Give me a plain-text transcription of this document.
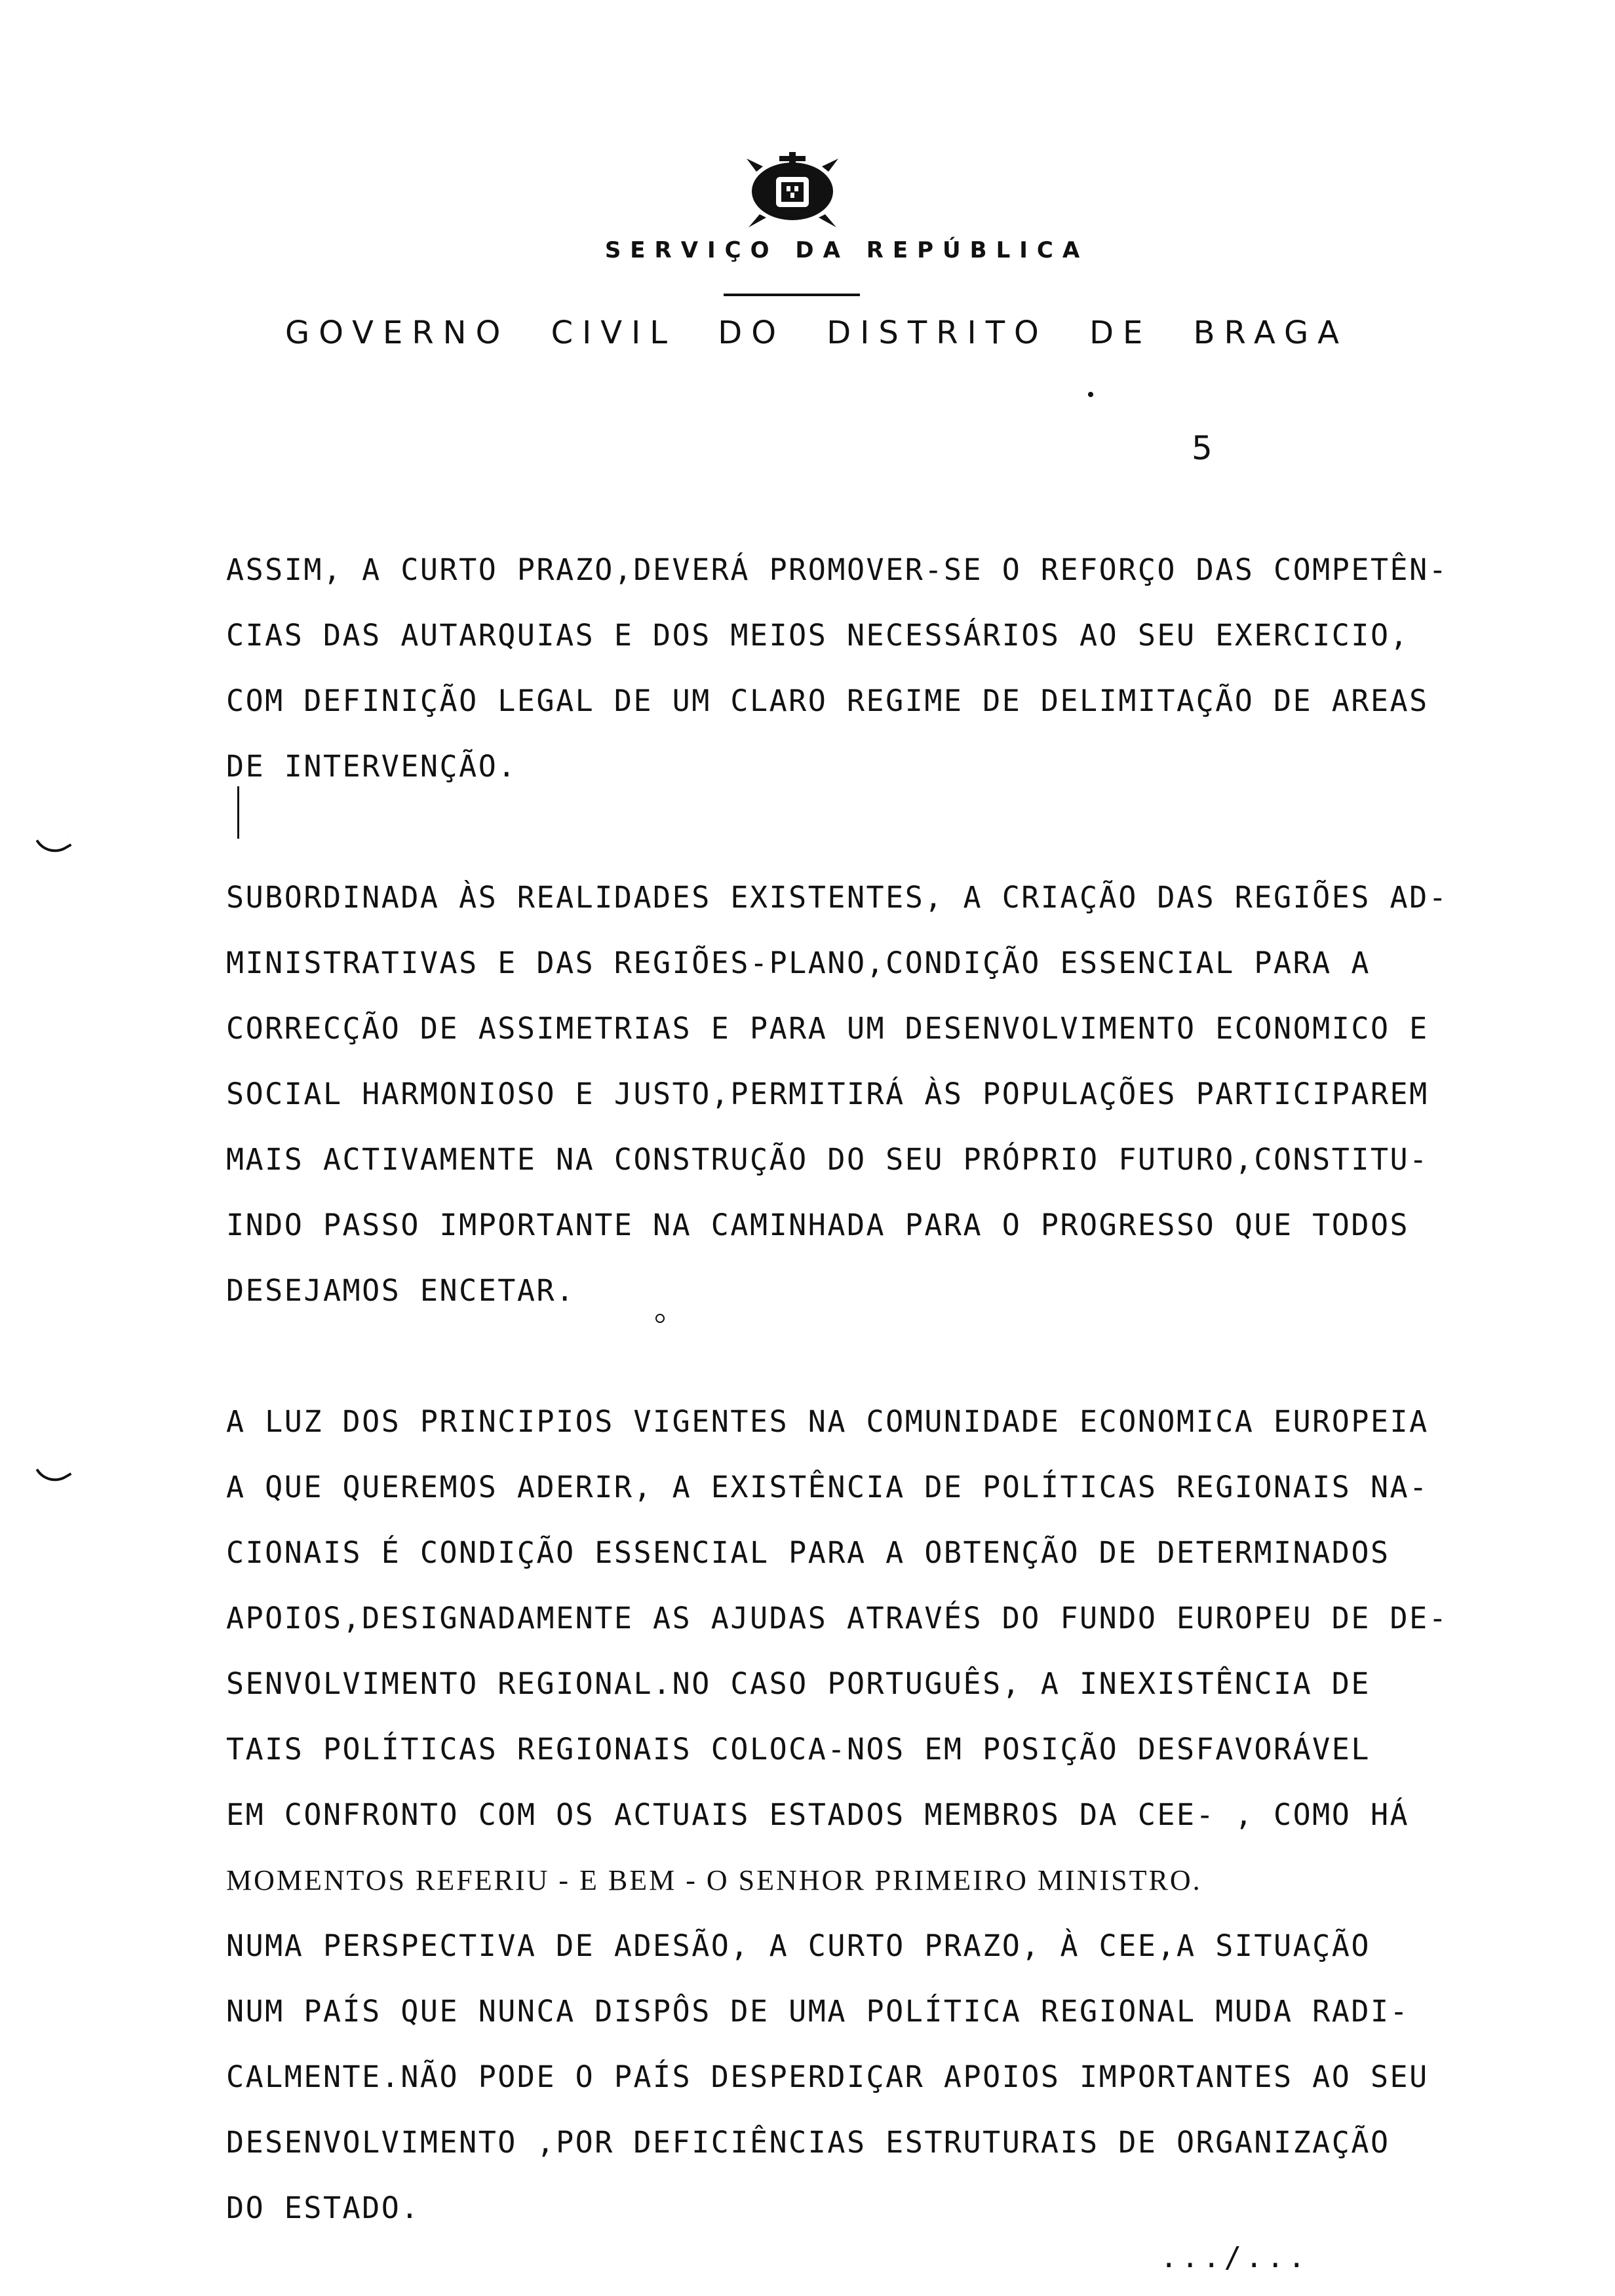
SERVIÇO DA REPÚBLICA
GOVERNO CIVIL DO DISTRITO DE BRAGA
5
ASSIM, A CURTO PRAZO,DEVERÁ PROMOVER-SE O REFORÇO DAS COMPETÊN-
CIAS DAS AUTARQUIAS E DOS MEIOS NECESSÁRIOS AO SEU EXERCICIO,
COM DEFINIÇÃO LEGAL DE UM CLARO REGIME DE DELIMITAÇÃO DE AREAS
DE INTERVENÇÃO.
SUBORDINADA ÀS REALIDADES EXISTENTES, A CRIAÇÃO DAS REGIÕES AD-
MINISTRATIVAS E DAS REGIÕES-PLANO,CONDIÇÃO ESSENCIAL PARA A
CORRECÇÃO DE ASSIMETRIAS E PARA UM DESENVOLVIMENTO ECONOMICO E
SOCIAL HARMONIOSO E JUSTO,PERMITIRÁ ÀS POPULAÇÕES PARTICIPAREM
MAIS ACTIVAMENTE NA CONSTRUÇÃO DO SEU PRÓPRIO FUTURO,CONSTITU-
INDO PASSO IMPORTANTE NA CAMINHADA PARA O PROGRESSO QUE TODOS
DESEJAMOS ENCETAR.
A LUZ DOS PRINCIPIOS VIGENTES NA COMUNIDADE ECONOMICA EUROPEIA
A QUE QUEREMOS ADERIR, A EXISTÊNCIA DE POLÍTICAS REGIONAIS NA-
CIONAIS É CONDIÇÃO ESSENCIAL PARA A OBTENÇÃO DE DETERMINADOS
APOIOS,DESIGNADAMENTE AS AJUDAS ATRAVÉS DO FUNDO EUROPEU DE DE-
SENVOLVIMENTO REGIONAL.NO CASO PORTUGUÊS, A INEXISTÊNCIA DE
TAIS POLÍTICAS REGIONAIS COLOCA-NOS EM POSIÇÃO DESFAVORÁVEL
EM CONFRONTO COM OS ACTUAIS ESTADOS MEMBROS DA CEE- , COMO HÁ
MOMENTOS REFERIU - E BEM - O SENHOR PRIMEIRO MINISTRO.
NUMA PERSPECTIVA DE ADESÃO, A CURTO PRAZO, À CEE,A SITUAÇÃO
NUM PAÍS QUE NUNCA DISPÔS DE UMA POLÍTICA REGIONAL MUDA RADI-
CALMENTE.NÃO PODE O PAÍS DESPERDIÇAR APOIOS IMPORTANTES AO SEU
DESENVOLVIMENTO ,POR DEFICIÊNCIAS ESTRUTURAIS DE ORGANIZAÇÃO
DO ESTADO.
.../...
